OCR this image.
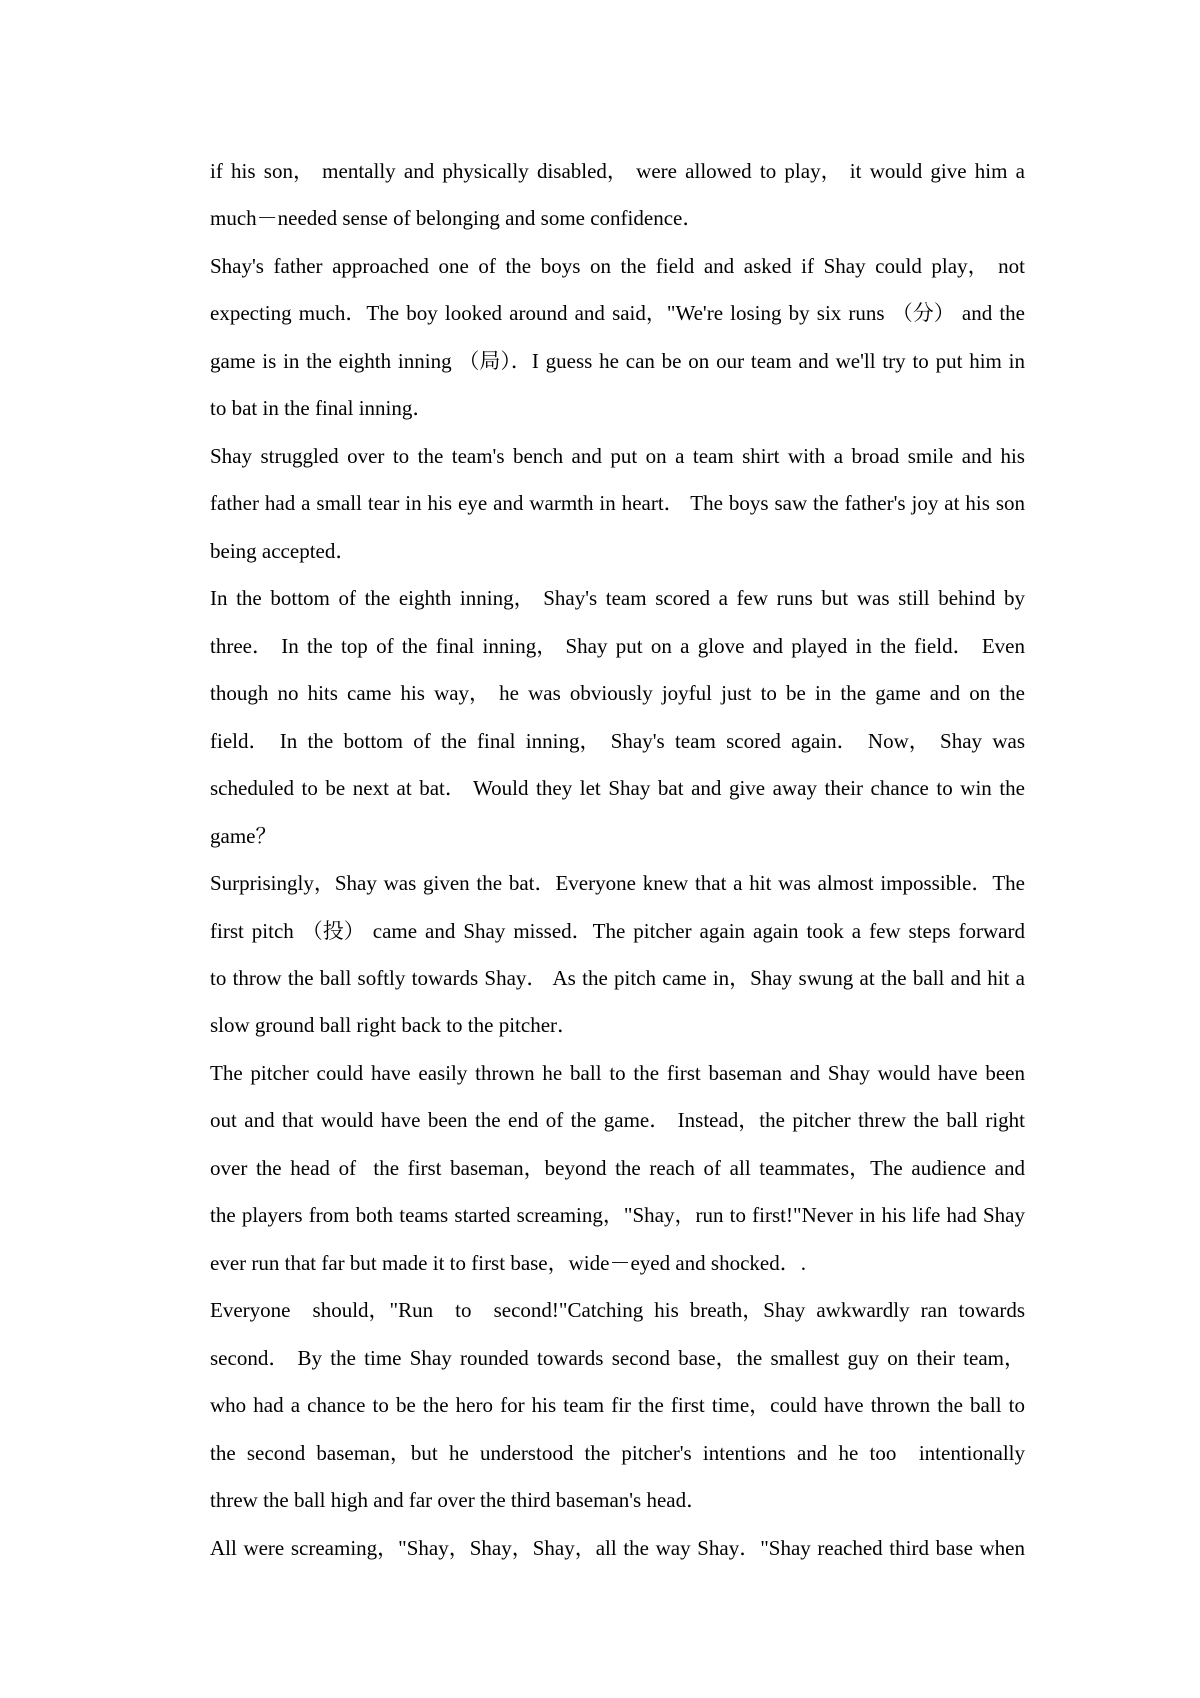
if his son， mentally and physically disabled， were allowed to play， it would give him a
much－needed sense of belonging and some confidence．
Shay's father approached one of the boys on the field and asked if Shay could play， not
expecting much．The boy looked around and said，"We're losing by six runs （分） and the
game is in the eighth inning （局）．I guess he can be on our team and we'll try to put him in
to bat in the final inning．
Shay struggled over to the team's bench and put on a team shirt with a broad smile and his
father had a small tear in his eye and warmth in heart． The boys saw the father's joy at his son
being accepted．
In the bottom of the eighth inning， Shay's team scored a few runs but was still behind by
three． In the top of the final inning， Shay put on a glove and played in the field． Even
though no hits came his way， he was obviously joyful just to be in the game and on the
field． In the bottom of the final inning， Shay's team scored again． Now， Shay was
scheduled to be next at bat． Would they let Shay bat and give away their chance to win the
game？
Surprisingly，Shay was given the bat．Everyone knew that a hit was almost impossible．The
first pitch （投） came and Shay missed．The pitcher again again took a few steps forward
to throw the ball softly towards Shay． As the pitch came in，Shay swung at the ball and hit a
slow ground ball right back to the pitcher．
The pitcher could have easily thrown he ball to the first baseman and Shay would have been
out and that would have been the end of the game． Instead，the pitcher threw the ball right
over the head of  the first baseman，beyond the reach of all teammates，The audience and
the players from both teams started screaming，"Shay，run to first!"Never in his life had Shay
ever run that far but made it to first base，wide－eyed and shocked．.
Everyone  should，"Run  to  second!"Catching his breath，Shay awkwardly ran towards
second． By the time Shay rounded towards second base，the smallest guy on their team，
who had a chance to be the hero for his team fir the first time，could have thrown the ball to
the second baseman，but he understood the pitcher's intentions and he too  intentionally
threw the ball high and far over the third baseman's head．
All were screaming，"Shay，Shay，Shay，all the way Shay．"Shay reached third base when
